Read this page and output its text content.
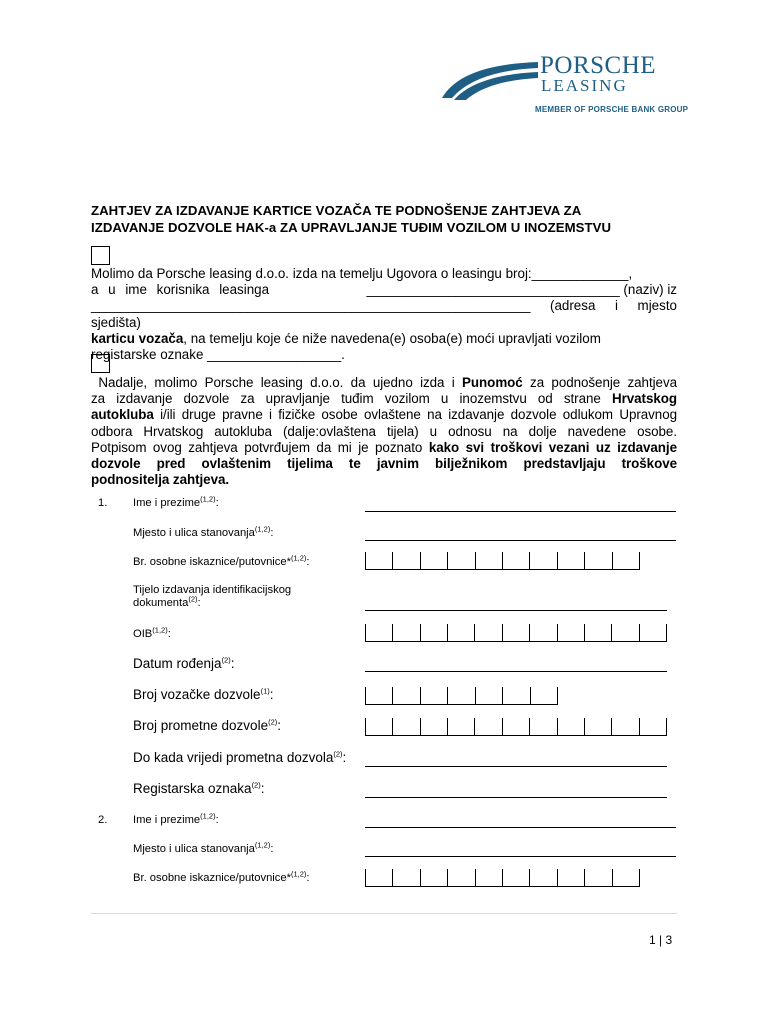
PORSCHE
LEASING
MEMBER OF PORSCHE BANK GROUP
ZAHTJEV ZA IZDAVANJE KARTICE VOZAČA TE PODNOŠENJE ZAHTJEVA ZA
IZDAVANJE DOZVOLE HAK-a ZA UPRAVLJANJE TUĐIM VOZILOM U INOZEMSTVU
Molimo da Porsche leasing d.o.o. izda na temelju Ugovora o leasingu broj:_____________,
a u ime korisnika leasinga	__________________________________ (naziv) iz
___________________________________________________________ (adresa i mjesto sjedišta)
karticu vozača, na temelju koje će niže navedena(e) osoba(e) moći upravljati vozilom
registarske oznake __________________.
Nadalje, molimo Porsche leasing d.o.o. da ujedno izda i Punomoć za podnošenje zahtjeva
za izdavanje dozvole za upravljanje tuđim vozilom u inozemstvu od strane Hrvatskog
autokluba i/ili druge pravne i fizičke osobe ovlaštene na izdavanje dozvole odlukom Upravnog
odbora Hrvatskog autokluba (dalje:ovlaštena tijela) u odnosu na dolje navedene osobe.
Potpisom ovog zahtjeva potvrđujem da mi je poznato kako svi troškovi vezani uz izdavanje
dozvole pred ovlaštenim tijelima te javnim bilježnikom predstavljaju troškove
podnositelja zahtjeva.
1. Ime i prezime$^{(1,2)}$:
Mjesto i ulica stanovanja$^{(1,2)}$:
Br. osobne iskaznice/putovnice*$^{(1,2)}$:
Tijelo izdavanja identifikacijskog
dokumenta$^{(2)}$:
OIB$^{(1,2)}$:
Datum rođenja$^{(2)}$:
Broj vozačke dozvole$^{(1)}$:
Broj prometne dozvole$^{(2)}$:
Do kada vrijedi prometna dozvola$^{(2)}$:
Registarska oznaka$^{(2)}$:
2. Ime i prezime$^{(1,2)}$:
Mjesto i ulica stanovanja$^{(1,2)}$:
Br. osobne iskaznice/putovnice*$^{(1,2)}$:
1 | 3
